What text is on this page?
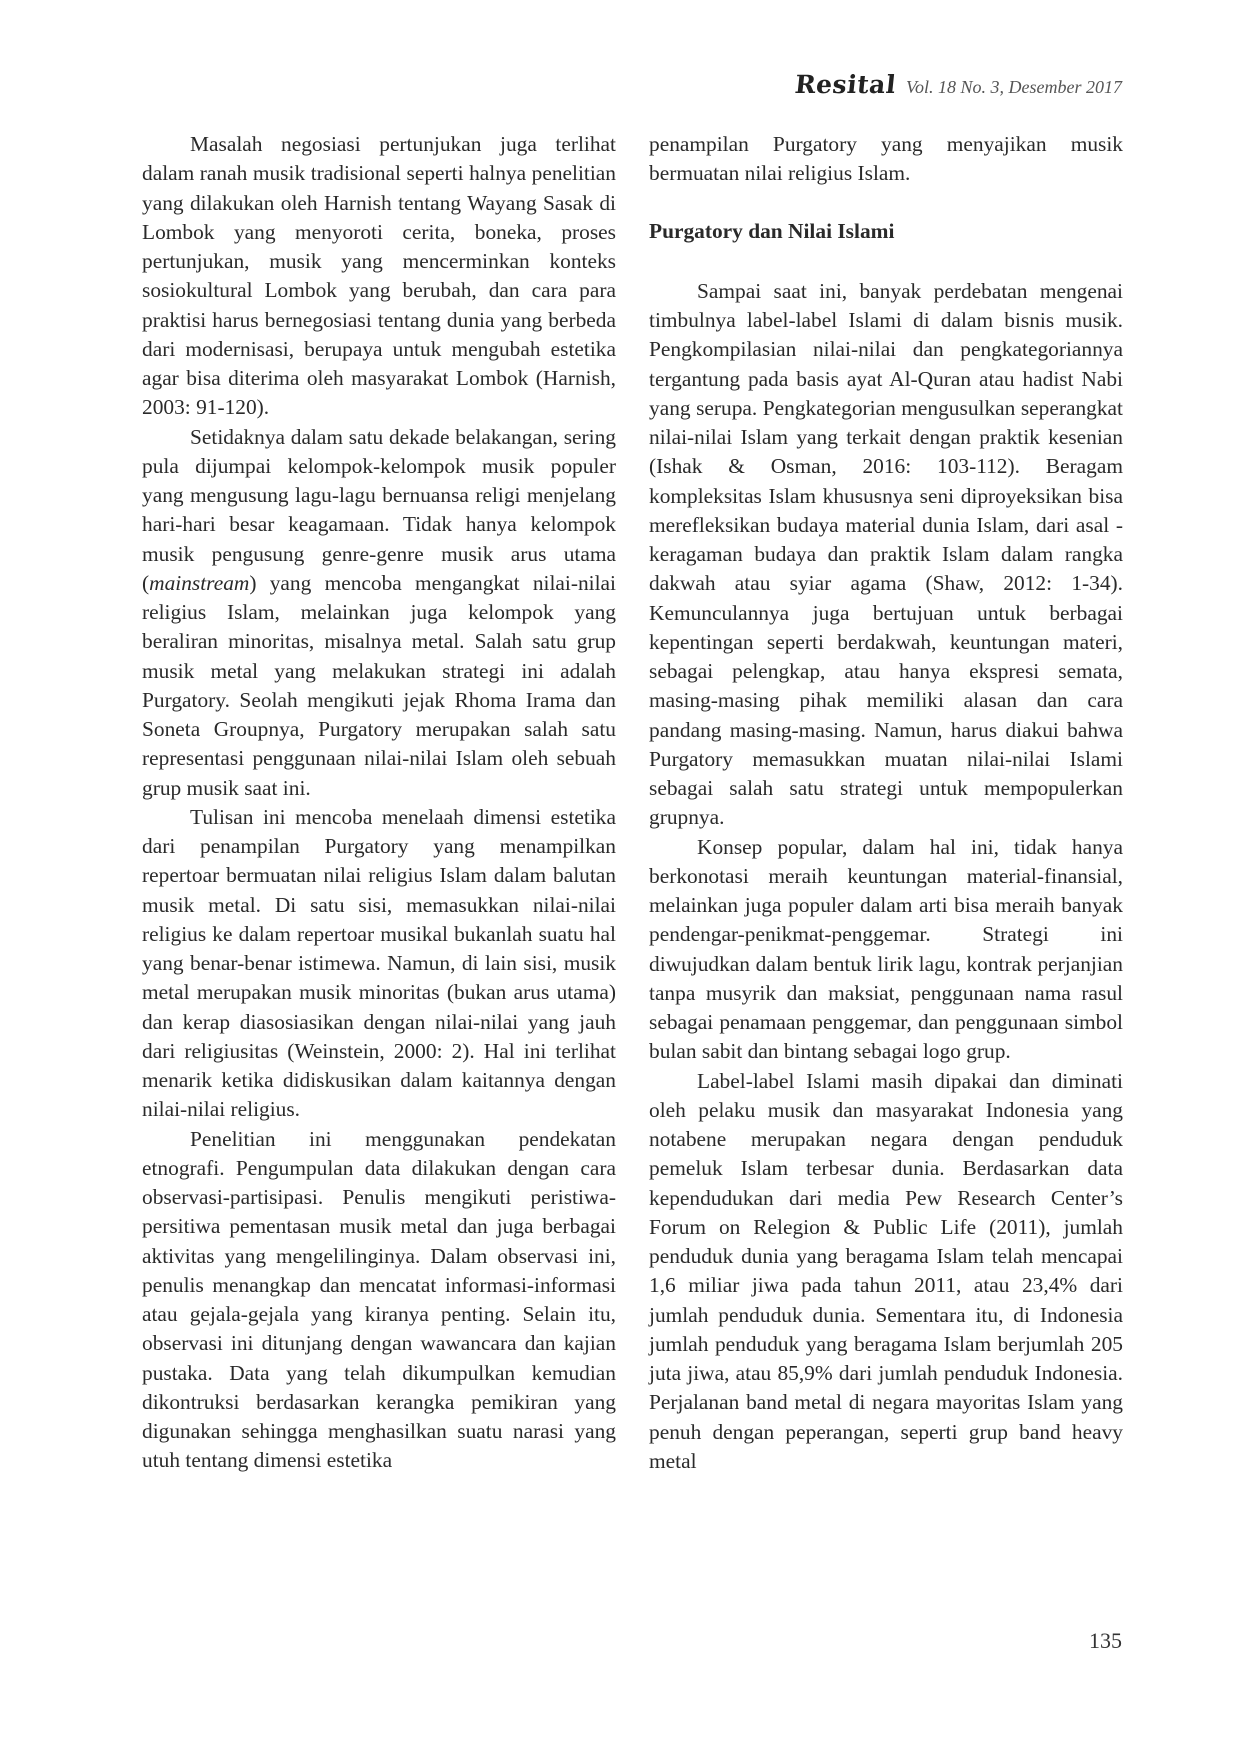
Resital Vol. 18 No. 3, Desember 2017

Masalah negosiasi pertunjukan juga terlihat dalam ranah musik tradisional seperti halnya penelitian yang dilakukan oleh Harnish tentang Wayang Sasak di Lombok yang menyoroti cerita, boneka, proses pertunjukan, musik yang mencerminkan konteks sosiokultural Lombok yang berubah, dan cara para praktisi harus bernegosiasi tentang dunia yang berbeda dari modernisasi, berupaya untuk mengubah estetika agar bisa diterima oleh masyarakat Lombok (Harnish, 2003: 91-120).

Setidaknya dalam satu dekade belakangan, sering pula dijumpai kelompok-kelompok musik populer yang mengusung lagu-lagu bernuansa religi menjelang hari-hari besar keagamaan. Tidak hanya kelompok musik pengusung genre-genre musik arus utama (mainstream) yang mencoba mengangkat nilai-nilai religius Islam, melainkan juga kelompok yang beraliran minoritas, misalnya metal. Salah satu grup musik metal yang melakukan strategi ini adalah Purgatory. Seolah mengikuti jejak Rhoma Irama dan Soneta Groupnya, Purgatory merupakan salah satu representasi penggunaan nilai-nilai Islam oleh sebuah grup musik saat ini.

Tulisan ini mencoba menelaah dimensi estetika dari penampilan Purgatory yang menampilkan repertoar bermuatan nilai religius Islam dalam balutan musik metal. Di satu sisi, memasukkan nilai-nilai religius ke dalam repertoar musikal bukanlah suatu hal yang benar-benar istimewa. Namun, di lain sisi, musik metal merupakan musik minoritas (bukan arus utama) dan kerap diasosiasikan dengan nilai-nilai yang jauh dari religiusitas (Weinstein, 2000: 2). Hal ini terlihat menarik ketika didiskusikan dalam kaitannya dengan nilai-nilai religius.

Penelitian ini menggunakan pendekatan etnografi. Pengumpulan data dilakukan dengan cara observasi-partisipasi. Penulis mengikuti peristiwa-persitiwa pementasan musik metal dan juga berbagai aktivitas yang mengelilinginya. Dalam observasi ini, penulis menangkap dan mencatat informasi-informasi atau gejala-gejala yang kiranya penting. Selain itu, observasi ini ditunjang dengan wawancara dan kajian pustaka. Data yang telah dikumpulkan kemudian dikontruksi berdasarkan kerangka pemikiran yang digunakan sehingga menghasilkan suatu narasi yang utuh tentang dimensi estetika

penampilan Purgatory yang menyajikan musik bermuatan nilai religius Islam.

Purgatory dan Nilai Islami

Sampai saat ini, banyak perdebatan mengenai timbulnya label-label Islami di dalam bisnis musik. Pengkompilasian nilai-nilai dan pengkategoriannya tergantung pada basis ayat Al-Quran atau hadist Nabi yang serupa. Pengkategorian mengusulkan seperangkat nilai-nilai Islam yang terkait dengan praktik kesenian (Ishak & Osman, 2016: 103-112). Beragam kompleksitas Islam khususnya seni diproyeksikan bisa merefleksikan budaya material dunia Islam, dari asal - keragaman budaya dan praktik Islam dalam rangka dakwah atau syiar agama (Shaw, 2012: 1-34). Kemunculannya juga bertujuan untuk berbagai kepentingan seperti berdakwah, keuntungan materi, sebagai pelengkap, atau hanya ekspresi semata, masing-masing pihak memiliki alasan dan cara pandang masing-masing. Namun, harus diakui bahwa Purgatory memasukkan muatan nilai-nilai Islami sebagai salah satu strategi untuk mempopulerkan grupnya.

Konsep popular, dalam hal ini, tidak hanya berkonotasi meraih keuntungan material-finansial, melainkan juga populer dalam arti bisa meraih banyak pendengar-penikmat-penggemar. Strategi ini diwujudkan dalam bentuk lirik lagu, kontrak perjanjian tanpa musyrik dan maksiat, penggunaan nama rasul sebagai penamaan penggemar, dan penggunaan simbol bulan sabit dan bintang sebagai logo grup.

Label-label Islami masih dipakai dan diminati oleh pelaku musik dan masyarakat Indonesia yang notabene merupakan negara dengan penduduk pemeluk Islam terbesar dunia. Berdasarkan data kependudukan dari media Pew Research Center’s Forum on Relegion & Public Life (2011), jumlah penduduk dunia yang beragama Islam telah mencapai 1,6 miliar jiwa pada tahun 2011, atau 23,4% dari jumlah penduduk dunia. Sementara itu, di Indonesia jumlah penduduk yang beragama Islam berjumlah 205 juta jiwa, atau 85,9% dari jumlah penduduk Indonesia. Perjalanan band metal di negara mayoritas Islam yang penuh dengan peperangan, seperti grup band heavy metal

135
